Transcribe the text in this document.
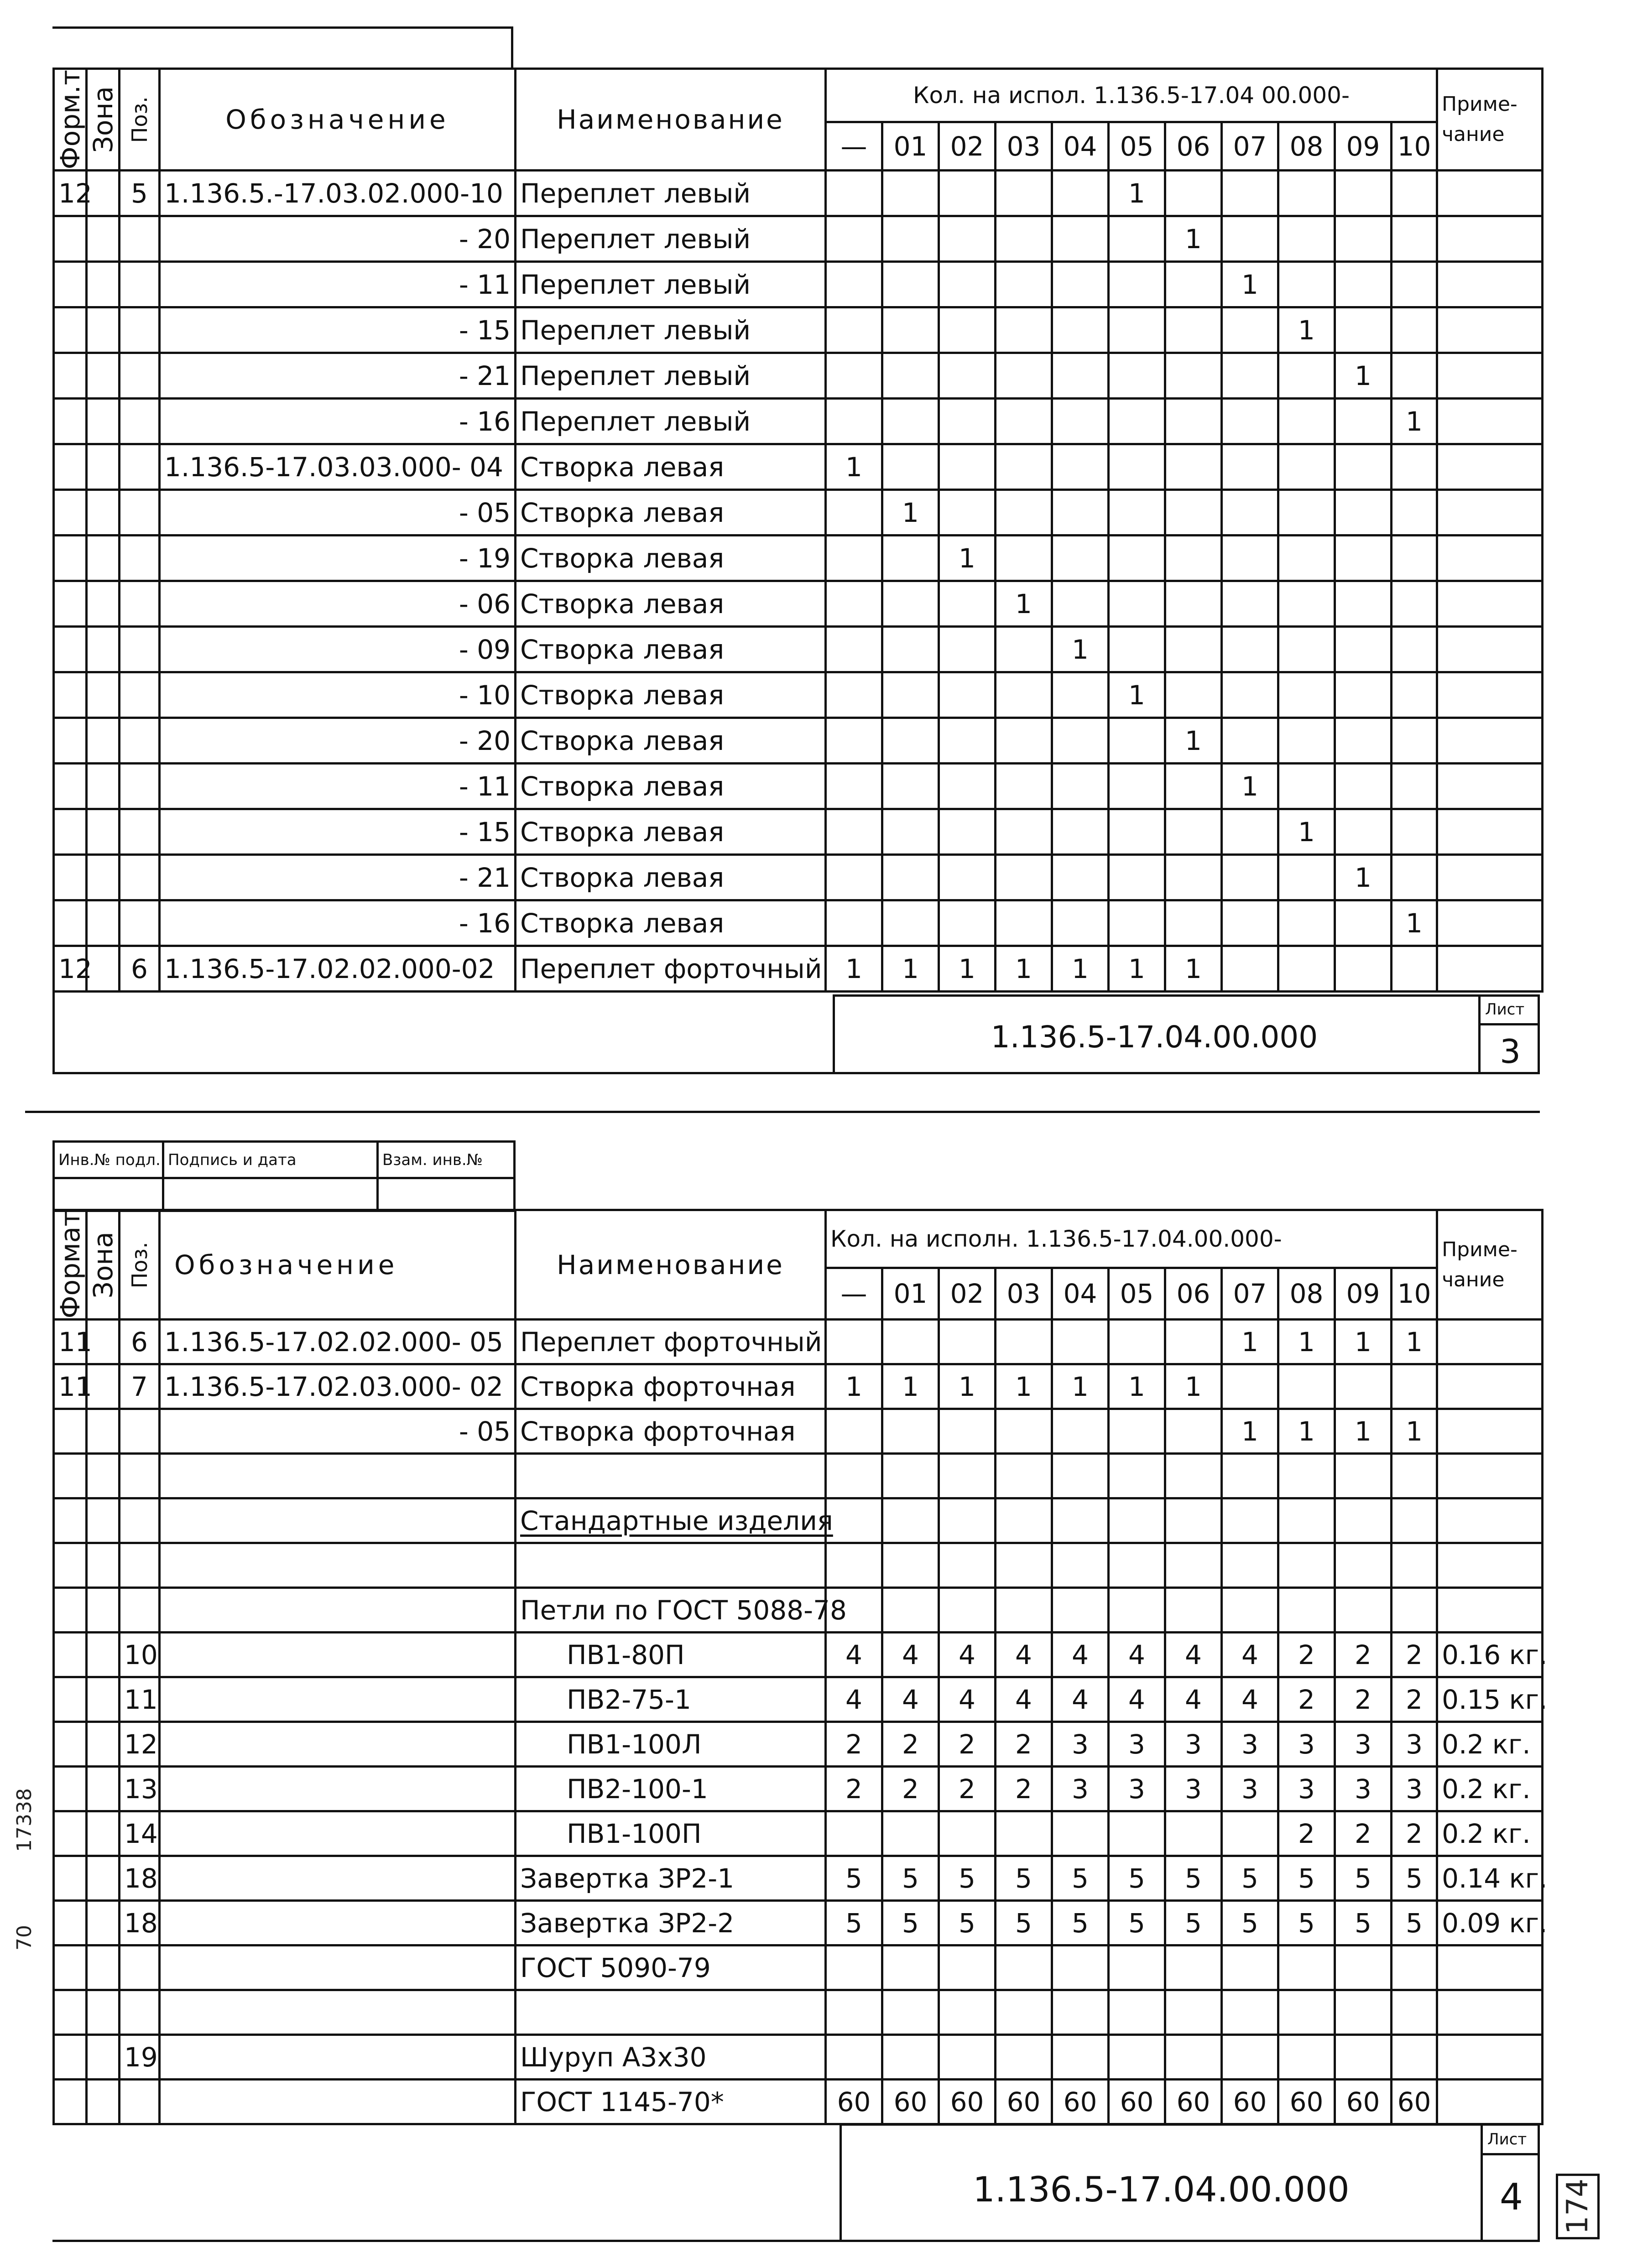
Форм.т	Зона	Поз.	Обозначение	Наименование	Кол. на испол. 1.136.5-17.04 00.000-											Приме-чание
					—	01	02	03	04	05	06	07	08	09	10	
12		5	1.136.5.-17.03.02.000-10	Переплет левый						1						
			- 20	Переплет левый							1					
			- 11	Переплет левый								1				
			- 15	Переплет левый									1			
			- 21	Переплет левый										1		
			- 16	Переплет левый											1	
			1.136.5-17.03.03.000- 04	Створка левая	1											
			- 05	Створка левая		1										
			- 19	Створка левая			1									
			- 06	Створка левая				1								
			- 09	Створка левая					1							
			- 10	Створка левая						1						
			- 20	Створка левая							1					
			- 11	Створка левая								1				
			- 15	Створка левая									1			
			- 21	Створка левая										1		
			- 16	Створка левая											1	
12		6	1.136.5-17.02.02.000-02	Переплет форточный	1	1	1	1	1	1	1					
1.136.5-17.04.00.000
Лист
3
Инв.№ подл.	Подпись и дата	Взам. инв.№

Формат	Зона	Поз.	Обозначение	Наименование	Кол. на исполн. 1.136.5-17.04.00.000-											Приме-чание
					—	01	02	03	04	05	06	07	08	09	10	
11		6	1.136.5-17.02.02.000- 05	Переплет форточный								1	1	1	1	
11		7	1.136.5-17.02.03.000- 02	Створка форточная	1	1	1	1	1	1	1					
			- 05	Створка форточная								1	1	1	1	

				Стандартные изделия												

				Петли по ГОСТ 5088-78												
		10		ПВ1-80П	4	4	4	4	4	4	4	4	2	2	2	0.16 кг.
		11		ПВ2-75-1	4	4	4	4	4	4	4	4	2	2	2	0.15 кг.
		12		ПВ1-100Л	2	2	2	2	3	3	3	3	3	3	3	0.2 кг.
		13		ПВ2-100-1	2	2	2	2	3	3	3	3	3	3	3	0.2 кг.
		14		ПВ1-100П									2	2	2	0.2 кг.
		18		Завертка ЗР2-1	5	5	5	5	5	5	5	5	5	5	5	0.14 кг.
		18		Завертка ЗР2-2	5	5	5	5	5	5	5	5	5	5	5	0.09 кг.
				ГОСТ 5090-79												

		19		Шуруп А3х30												
				ГОСТ 1145-70*	60	60	60	60	60	60	60	60	60	60	60	
1.136.5-17.04.00.000
Лист
4
17338
70
174
